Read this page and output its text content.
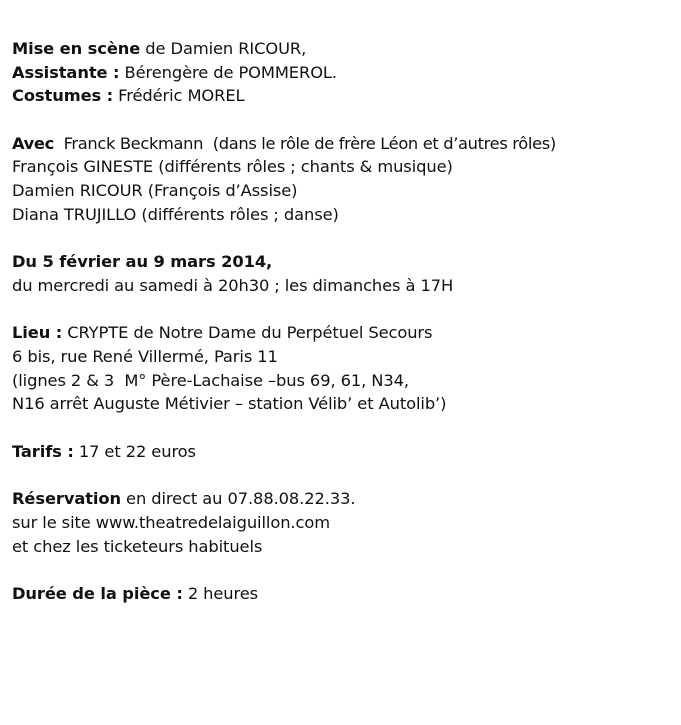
Mise en scène de Damien RICOUR,
Assistante : Bérengère de POMMEROL.
Costumes : Frédéric MOREL
Avec  Franck Beckmann  (dans le rôle de frère Léon et d’autres rôles)
François GINESTE (différents rôles ; chants & musique)
Damien RICOUR (François d’Assise)
Diana TRUJILLO (différents rôles ; danse)
Du 5 février au 9 mars 2014,
du mercredi au samedi à 20h30 ; les dimanches à 17H
Lieu : CRYPTE de Notre Dame du Perpétuel Secours
6 bis, rue René Villermé, Paris 11
(lignes 2 & 3  M° Père-Lachaise –bus 69, 61, N34,
N16 arrêt Auguste Métivier – station Vélib’ et Autolib’)
Tarifs : 17 et 22 euros
Réservation en direct au 07.88.08.22.33.
sur le site www.theatredelaiguillon.com
et chez les ticketeurs habituels
Durée de la pièce : 2 heures
